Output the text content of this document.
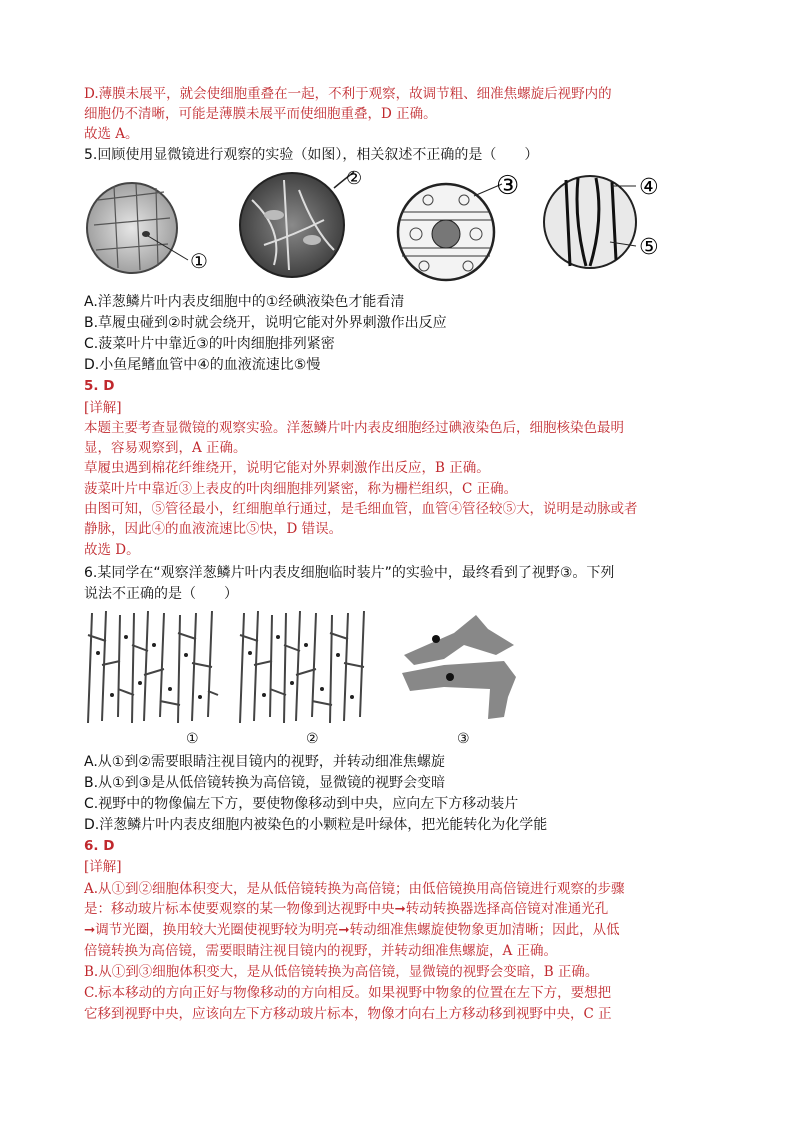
D.薄膜未展平，就会使细胞重叠在一起，不利于观察，故调节粗、细准焦螺旋后视野内的
细胞仍不清晰，可能是薄膜未展平而使细胞重叠，D 正确。
故选 A。
5.回顾使用显微镜进行观察的实验（如图），相关叙述不正确的是（　　）
①
②	③	④
⑤
A.洋葱鳞片叶内表皮细胞中的①经碘液染色才能看清
B.草履虫碰到②时就会绕开，说明它能对外界刺激作出反应
C.菠菜叶片中靠近③的叶肉细胞排列紧密
D.小鱼尾鳍血管中④的血液流速比⑤慢
5. D
[详解]
本题主要考查显微镜的观察实验。洋葱鳞片叶内表皮细胞经过碘液染色后，细胞核染色最明
显，容易观察到，A 正确。
草履虫遇到棉花纤维绕开，说明它能对外界刺激作出反应，B 正确。
菠菜叶片中靠近③上表皮的叶肉细胞排列紧密，称为栅栏组织，C 正确。
由图可知，⑤管径最小，红细胞单行通过，是毛细血管，血管④管径较⑤大，说明是动脉或者
静脉，因此④的血液流速比⑤快，D 错误。
故选 D。
6.某同学在“观察洋葱鳞片叶内表皮细胞临时装片”的实验中，最终看到了视野③。下列
说法不正确的是（　　）
①	②	③
A.从①到②需要眼睛注视目镜内的视野，并转动细准焦螺旋
B.从①到③是从低倍镜转换为高倍镜，显微镜的视野会变暗
C.视野中的物像偏左下方，要使物像移动到中央，应向左下方移动装片
D.洋葱鳞片叶内表皮细胞内被染色的小颗粒是叶绿体，把光能转化为化学能
6. D
[详解]
A.从①到②细胞体积变大，是从低倍镜转换为高倍镜；由低倍镜换用高倍镜进行观察的步骤
是：移动玻片标本使要观察的某一物像到达视野中央➞转动转换器选择高倍镜对准通光孔
➞调节光圈，换用较大光圈使视野较为明亮➞转动细准焦螺旋使物象更加清晰；因此，从低
倍镜转换为高倍镜，需要眼睛注视目镜内的视野，并转动细准焦螺旋，A 正确。
B.从①到③细胞体积变大，是从低倍镜转换为高倍镜，显微镜的视野会变暗，B 正确。
C.标本移动的方向正好与物像移动的方向相反。如果视野中物象的位置在左下方，要想把
它移到视野中央，应该向左下方移动玻片标本，物像才向右上方移动移到视野中央，C 正
